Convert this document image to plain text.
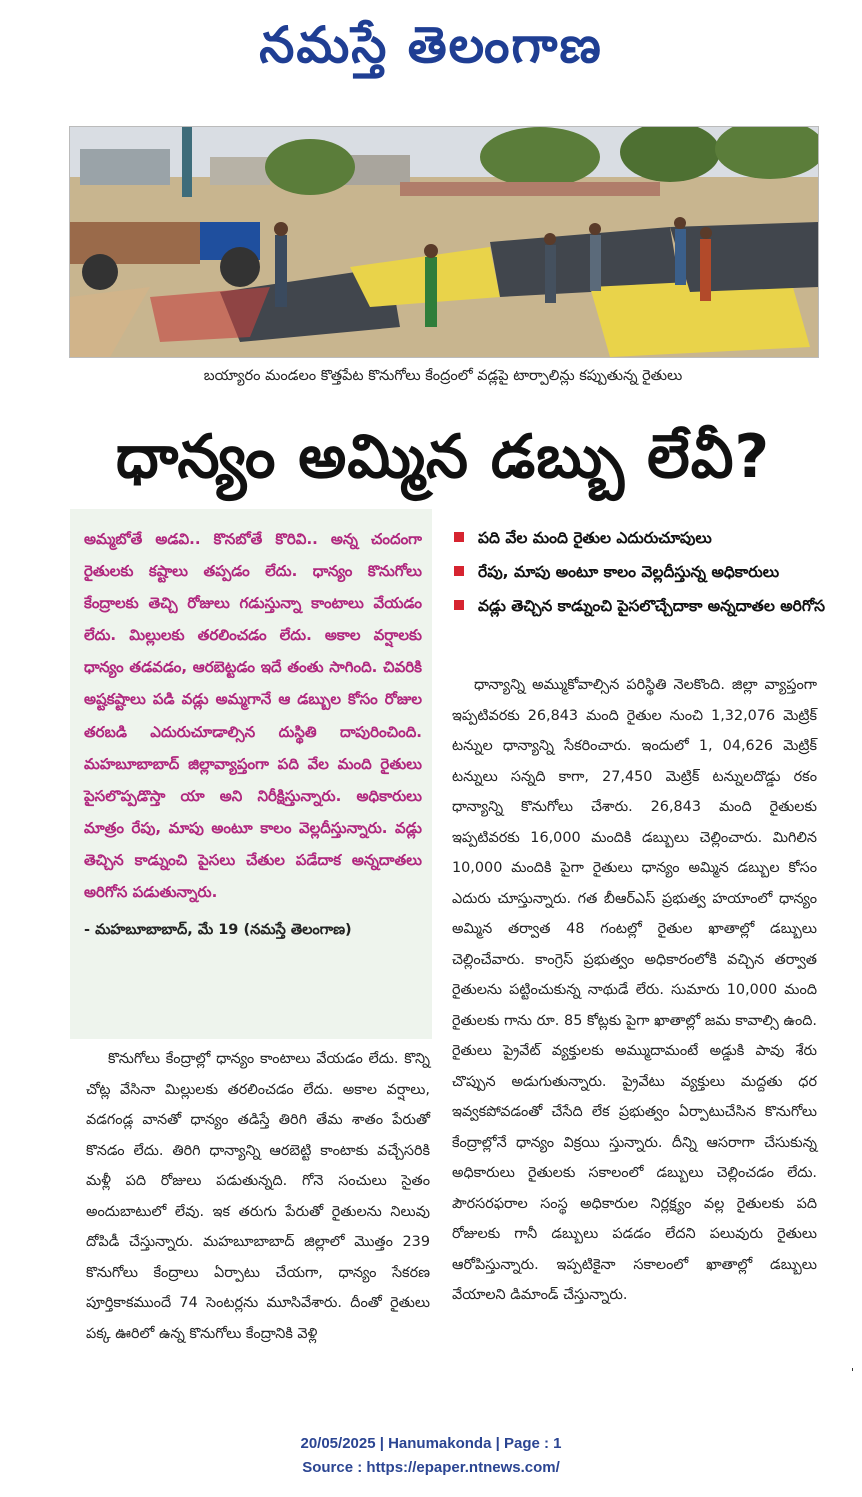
నమస్తే తెలంగాణ
బయ్యారం మండలం కొత్తపేట కొనుగోలు కేంద్రంలో వడ్లపై టార్పాలిన్లు కప్పుతున్న రైతులు
ధాన్యం అమ్మిన డబ్బు లేవీ?

అమ్మబోతే అడవి.. కొనబోతే కొరివి.. అన్న చందంగా రైతులకు కష్టాలు తప్పడం లేదు. ధాన్యం కొనుగోలు కేంద్రాలకు తెచ్చి రోజులు గడుస్తున్నా కాంటాలు వేయడం లేదు. మిల్లులకు తరలించడం లేదు. అకాల వర్షాలకు ధాన్యం తడవడం, ఆరబెట్టడం ఇదే తంతు సాగింది. చివరికి అష్టకష్టాలు పడి వడ్లు అమ్మగానే ఆ డబ్బుల కోసం రోజుల తరబడి ఎదురుచూడాల్సిన దుస్థితి దాపురించింది. మహబూబాబాద్ జిల్లావ్యాప్తంగా పది వేల మంది రైతులు పైసలొప్పడొస్తా యా అని నిరీక్షిస్తున్నారు. అధికారులు మాత్రం రేపు, మాపు అంటూ కాలం వెల్లదీస్తున్నారు. వడ్లు తెచ్చిన కాడ్నుంచి పైసలు చేతుల పడేదాక అన్నదాతలు అరిగోస పడుతున్నారు.

- మహబూబాబాద్, మే 19 (నమస్తే తెలంగాణ)
పది వేల మంది రైతుల ఎదురుచూపులు
రేపు, మాపు అంటూ కాలం వెల్లదీస్తున్న అధికారులు
వడ్లు తెచ్చిన కాడ్నుంచి పైసలొచ్చేదాకా అన్నదాతల అరిగోస

కొనుగోలు కేంద్రాల్లో ధాన్యం కాంటాలు వేయడం లేదు. కొన్ని చోట్ల వేసినా మిల్లులకు తరలించడం లేదు. అకాల వర్షాలు, వడగండ్ల వానతో ధాన్యం తడిస్తే తిరిగి తేమ శాతం పేరుతో కొనడం లేదు. తిరిగి ధాన్యాన్ని ఆరబెట్టి కాంటాకు వచ్చేసరికి మళ్లీ పది రోజులు పడుతున్నది. గోనె సంచులు సైతం అందుబాటులో లేవు. ఇక తరుగు పేరుతో రైతులను నిలువు దోపిడీ చేస్తున్నారు. మహబూబాబాద్ జిల్లాలో మొత్తం 239 కొనుగోలు కేంద్రాలు ఏర్పాటు చేయగా, ధాన్యం సేకరణ పూర్తికాకముందే 74 సెంటర్లను మూసివేశారు. దీంతో రైతులు పక్క ఊరిలో ఉన్న కొనుగోలు కేంద్రానికి వెళ్లి

ధాన్యాన్ని అమ్ముకోవాల్సిన పరిస్థితి నెలకొంది. జిల్లా వ్యాప్తంగా ఇప్పటివరకు 26,843 మంది రైతుల నుంచి 1,32,076 మెట్రిక్ టన్నుల ధాన్యాన్ని సేకరించారు. ఇందులో 1, 04,626 మెట్రిక్ టన్నులు సన్నది కాగా, 27,450 మెట్రిక్ టన్నులదొడ్డు రకం ధాన్యాన్ని కొనుగోలు చేశారు. 26,843 మంది రైతులకు ఇప్పటివరకు 16,000 మందికి డబ్బులు చెల్లించారు. మిగిలిన 10,000 మందికి పైగా రైతులు ధాన్యం అమ్మిన డబ్బుల కోసం ఎదురు చూస్తున్నారు. గత బీఆర్ఎస్ ప్రభుత్వ హయాంలో ధాన్యం అమ్మిన తర్వాత 48 గంటల్లో రైతుల ఖాతాల్లో డబ్బులు చెల్లించేవారు. కాంగ్రెస్ ప్రభుత్వం అధికారంలోకి వచ్చిన తర్వాత రైతులను పట్టించుకున్న నాథుడే లేరు. సుమారు 10,000 మంది రైతులకు గాను రూ. 85 కోట్లకు పైగా ఖాతాల్లో జమ కావాల్సి ఉంది. రైతులు ప్రైవేట్ వ్యక్తులకు అమ్ముదామంటే అడ్డుకి పావు శేరు చొప్పున అడుగుతున్నారు. ప్రైవేటు వ్యక్తులు మద్దతు ధర ఇవ్వకపోవడంతో చేసేది లేక ప్రభుత్వం ఏర్పాటుచేసిన కొనుగోలు కేంద్రాల్లోనే ధాన్యం విక్రయి స్తున్నారు. దీన్ని ఆసరాగా చేసుకున్న అధికారులు రైతులకు సకాలంలో డబ్బులు చెల్లించడం లేదు. పౌరసరఫరాల సంస్థ అధికారుల నిర్లక్ష్యం వల్ల రైతులకు పది రోజులకు గానీ డబ్బులు పడడం లేదని పలువురు రైతులు ఆరోపిస్తున్నారు. ఇప్పటికైనా సకాలంలో ఖాతాల్లో డబ్బులు వేయాలని డిమాండ్ చేస్తున్నారు.

20/05/2025 | Hanumakonda | Page : 1
Source : https://epaper.ntnews.com/
